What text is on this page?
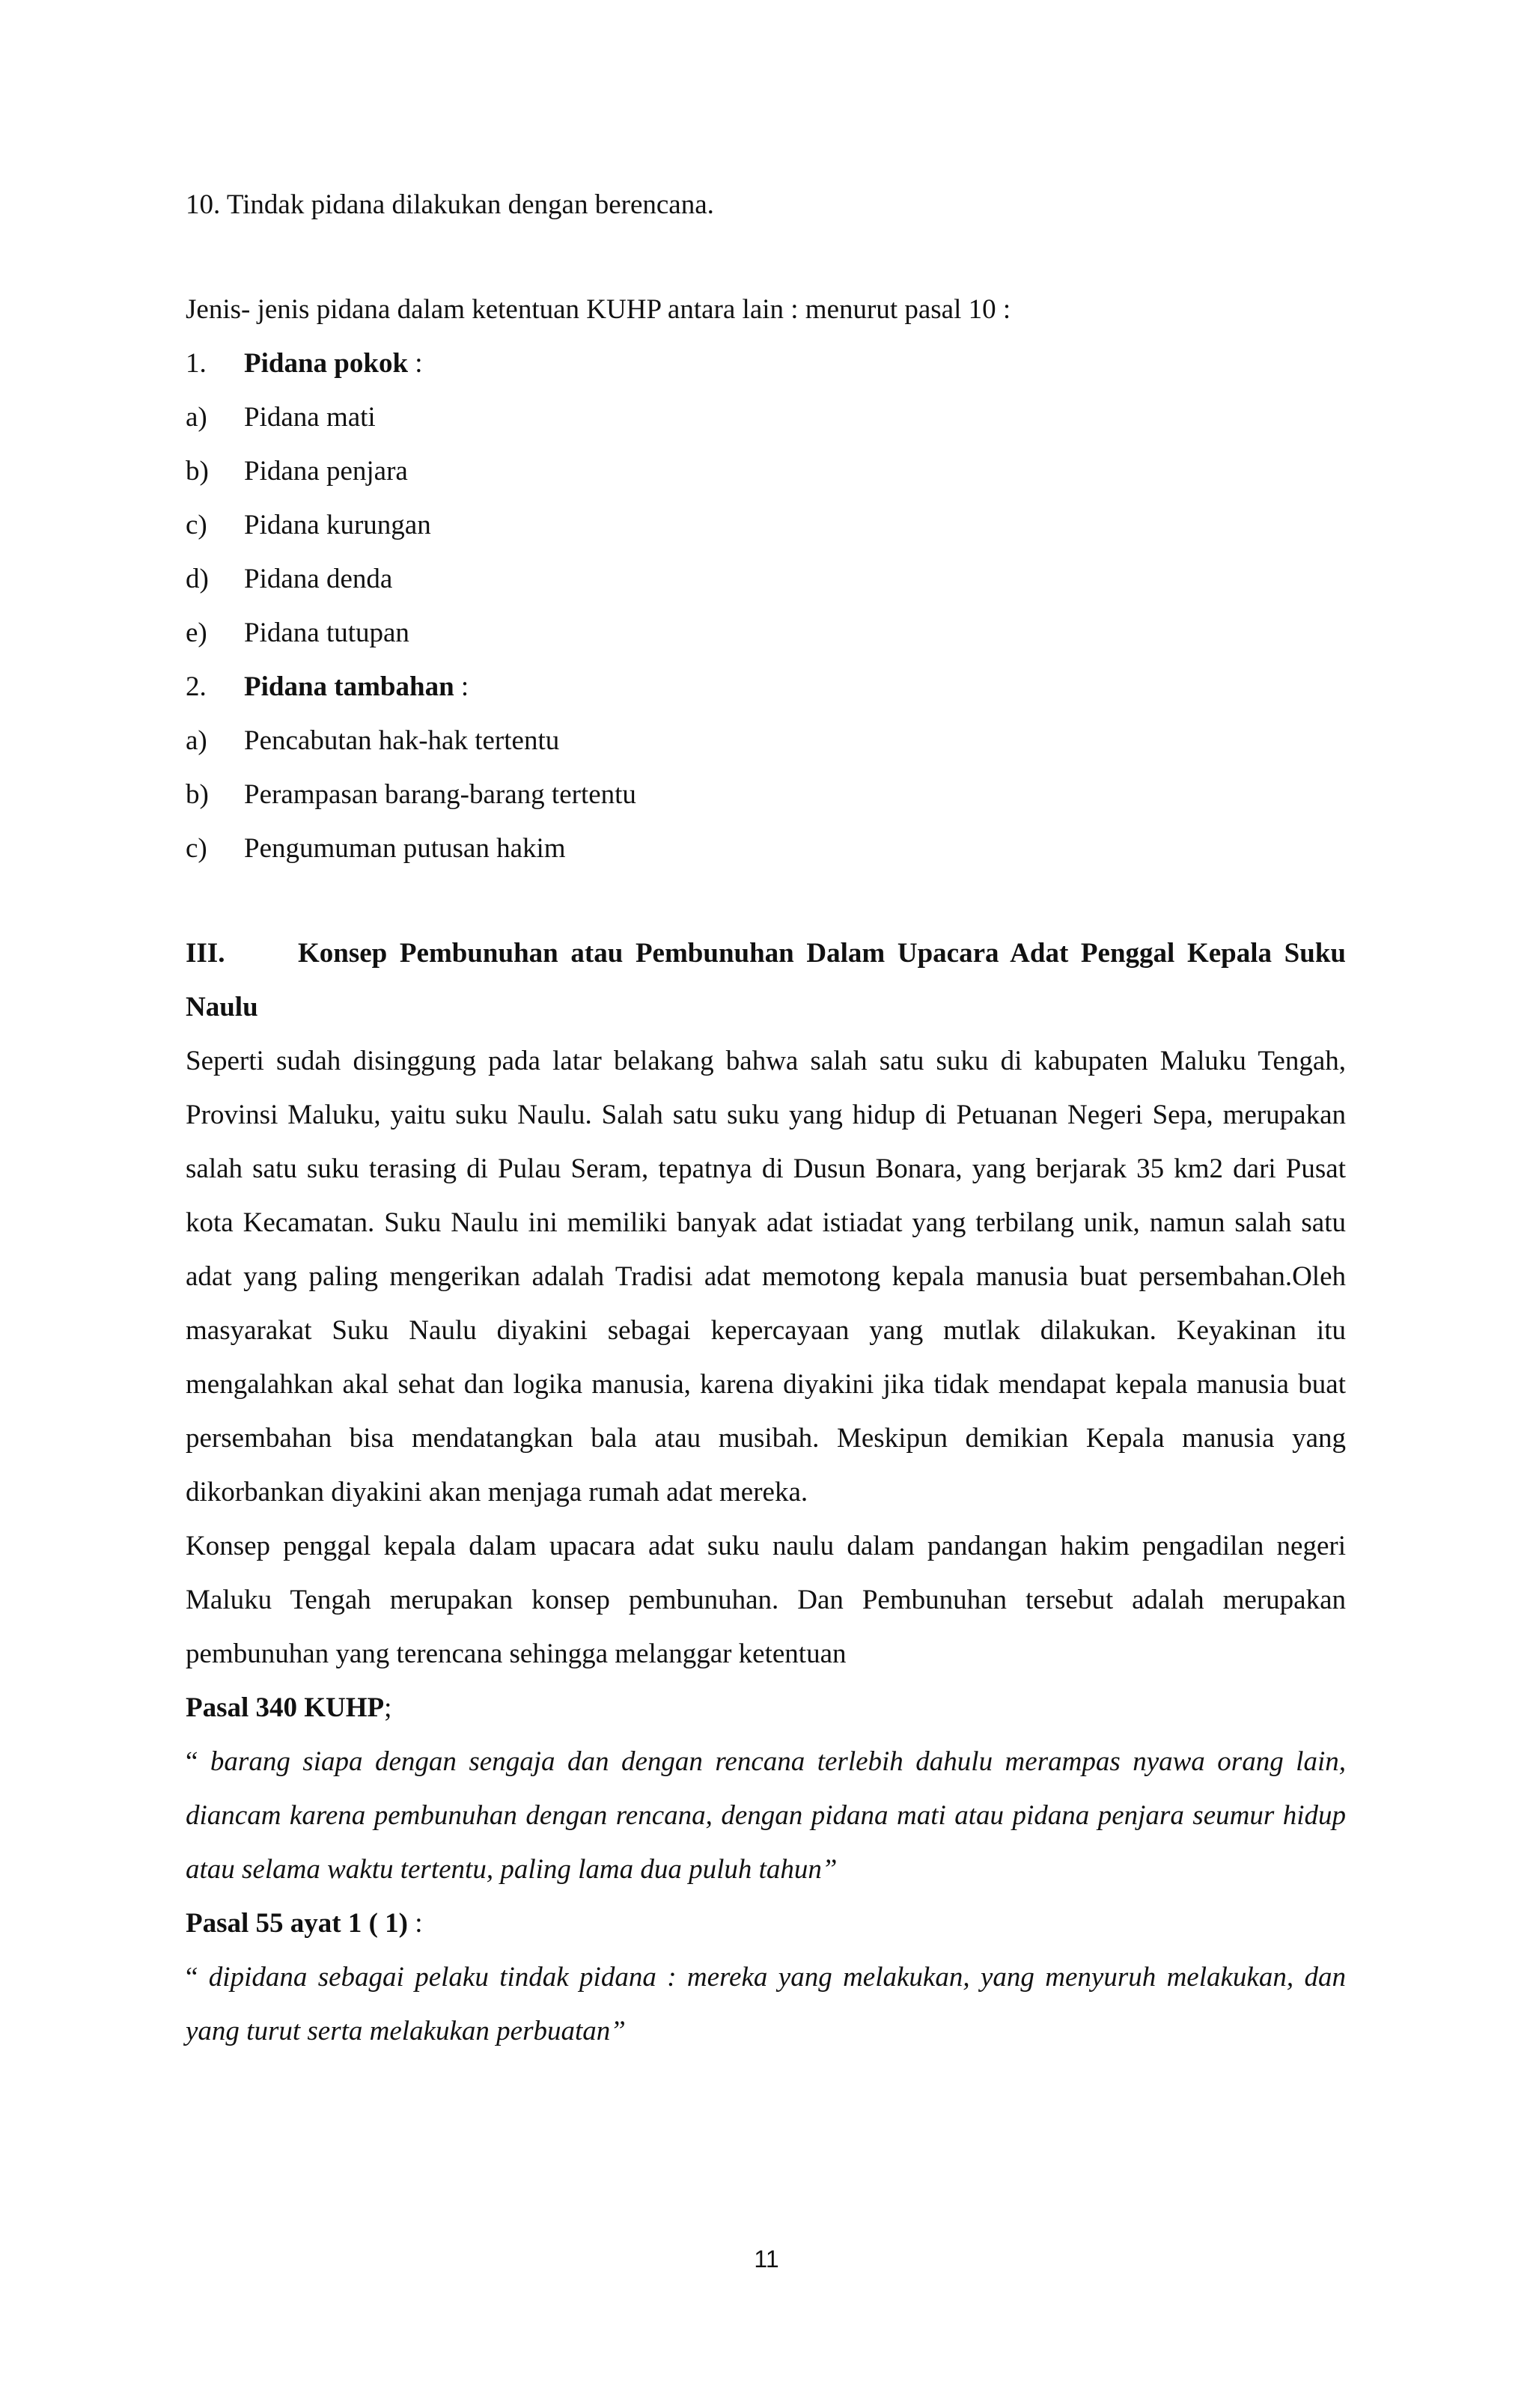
10. Tindak pidana dilakukan dengan berencana.
Jenis- jenis pidana dalam ketentuan KUHP antara lain : menurut pasal 10 :
1. Pidana pokok :
a) Pidana mati
b) Pidana penjara
c) Pidana kurungan
d) Pidana denda
e) Pidana tutupan
2. Pidana tambahan :
a) Pencabutan hak-hak tertentu
b) Perampasan barang-barang tertentu
c) Pengumuman putusan hakim
III.	Konsep Pembunuhan atau Pembunuhan Dalam Upacara Adat Penggal Kepala Suku Naulu
Seperti sudah disinggung pada latar belakang bahwa salah satu suku di kabupaten Maluku Tengah, Provinsi Maluku, yaitu suku Naulu. Salah satu suku yang hidup di Petuanan Negeri Sepa, merupakan salah satu suku terasing di Pulau Seram, tepatnya di Dusun Bonara, yang berjarak 35 km2 dari Pusat kota Kecamatan. Suku Naulu ini memiliki banyak adat istiadat yang terbilang unik, namun salah satu adat yang paling mengerikan adalah Tradisi adat memotong kepala manusia buat persembahan.Oleh masyarakat Suku Naulu diyakini sebagai kepercayaan yang mutlak dilakukan. Keyakinan itu mengalahkan akal sehat dan logika manusia, karena diyakini jika tidak mendapat kepala manusia buat persembahan bisa mendatangkan bala atau musibah. Meskipun demikian Kepala manusia yang dikorbankan diyakini akan menjaga rumah adat mereka.
Konsep penggal kepala dalam upacara adat suku naulu dalam pandangan hakim pengadilan negeri Maluku Tengah merupakan konsep pembunuhan. Dan Pembunuhan tersebut adalah merupakan pembunuhan yang terencana sehingga melanggar ketentuan
Pasal 340 KUHP;
“ barang siapa dengan sengaja dan dengan rencana terlebih dahulu merampas nyawa orang lain, diancam karena pembunuhan dengan rencana, dengan pidana mati atau pidana penjara seumur hidup atau selama waktu tertentu, paling lama dua puluh tahun”
Pasal 55 ayat 1 ( 1) :
“ dipidana sebagai pelaku tindak pidana : mereka yang melakukan, yang menyuruh melakukan, dan yang turut serta melakukan perbuatan”
11
